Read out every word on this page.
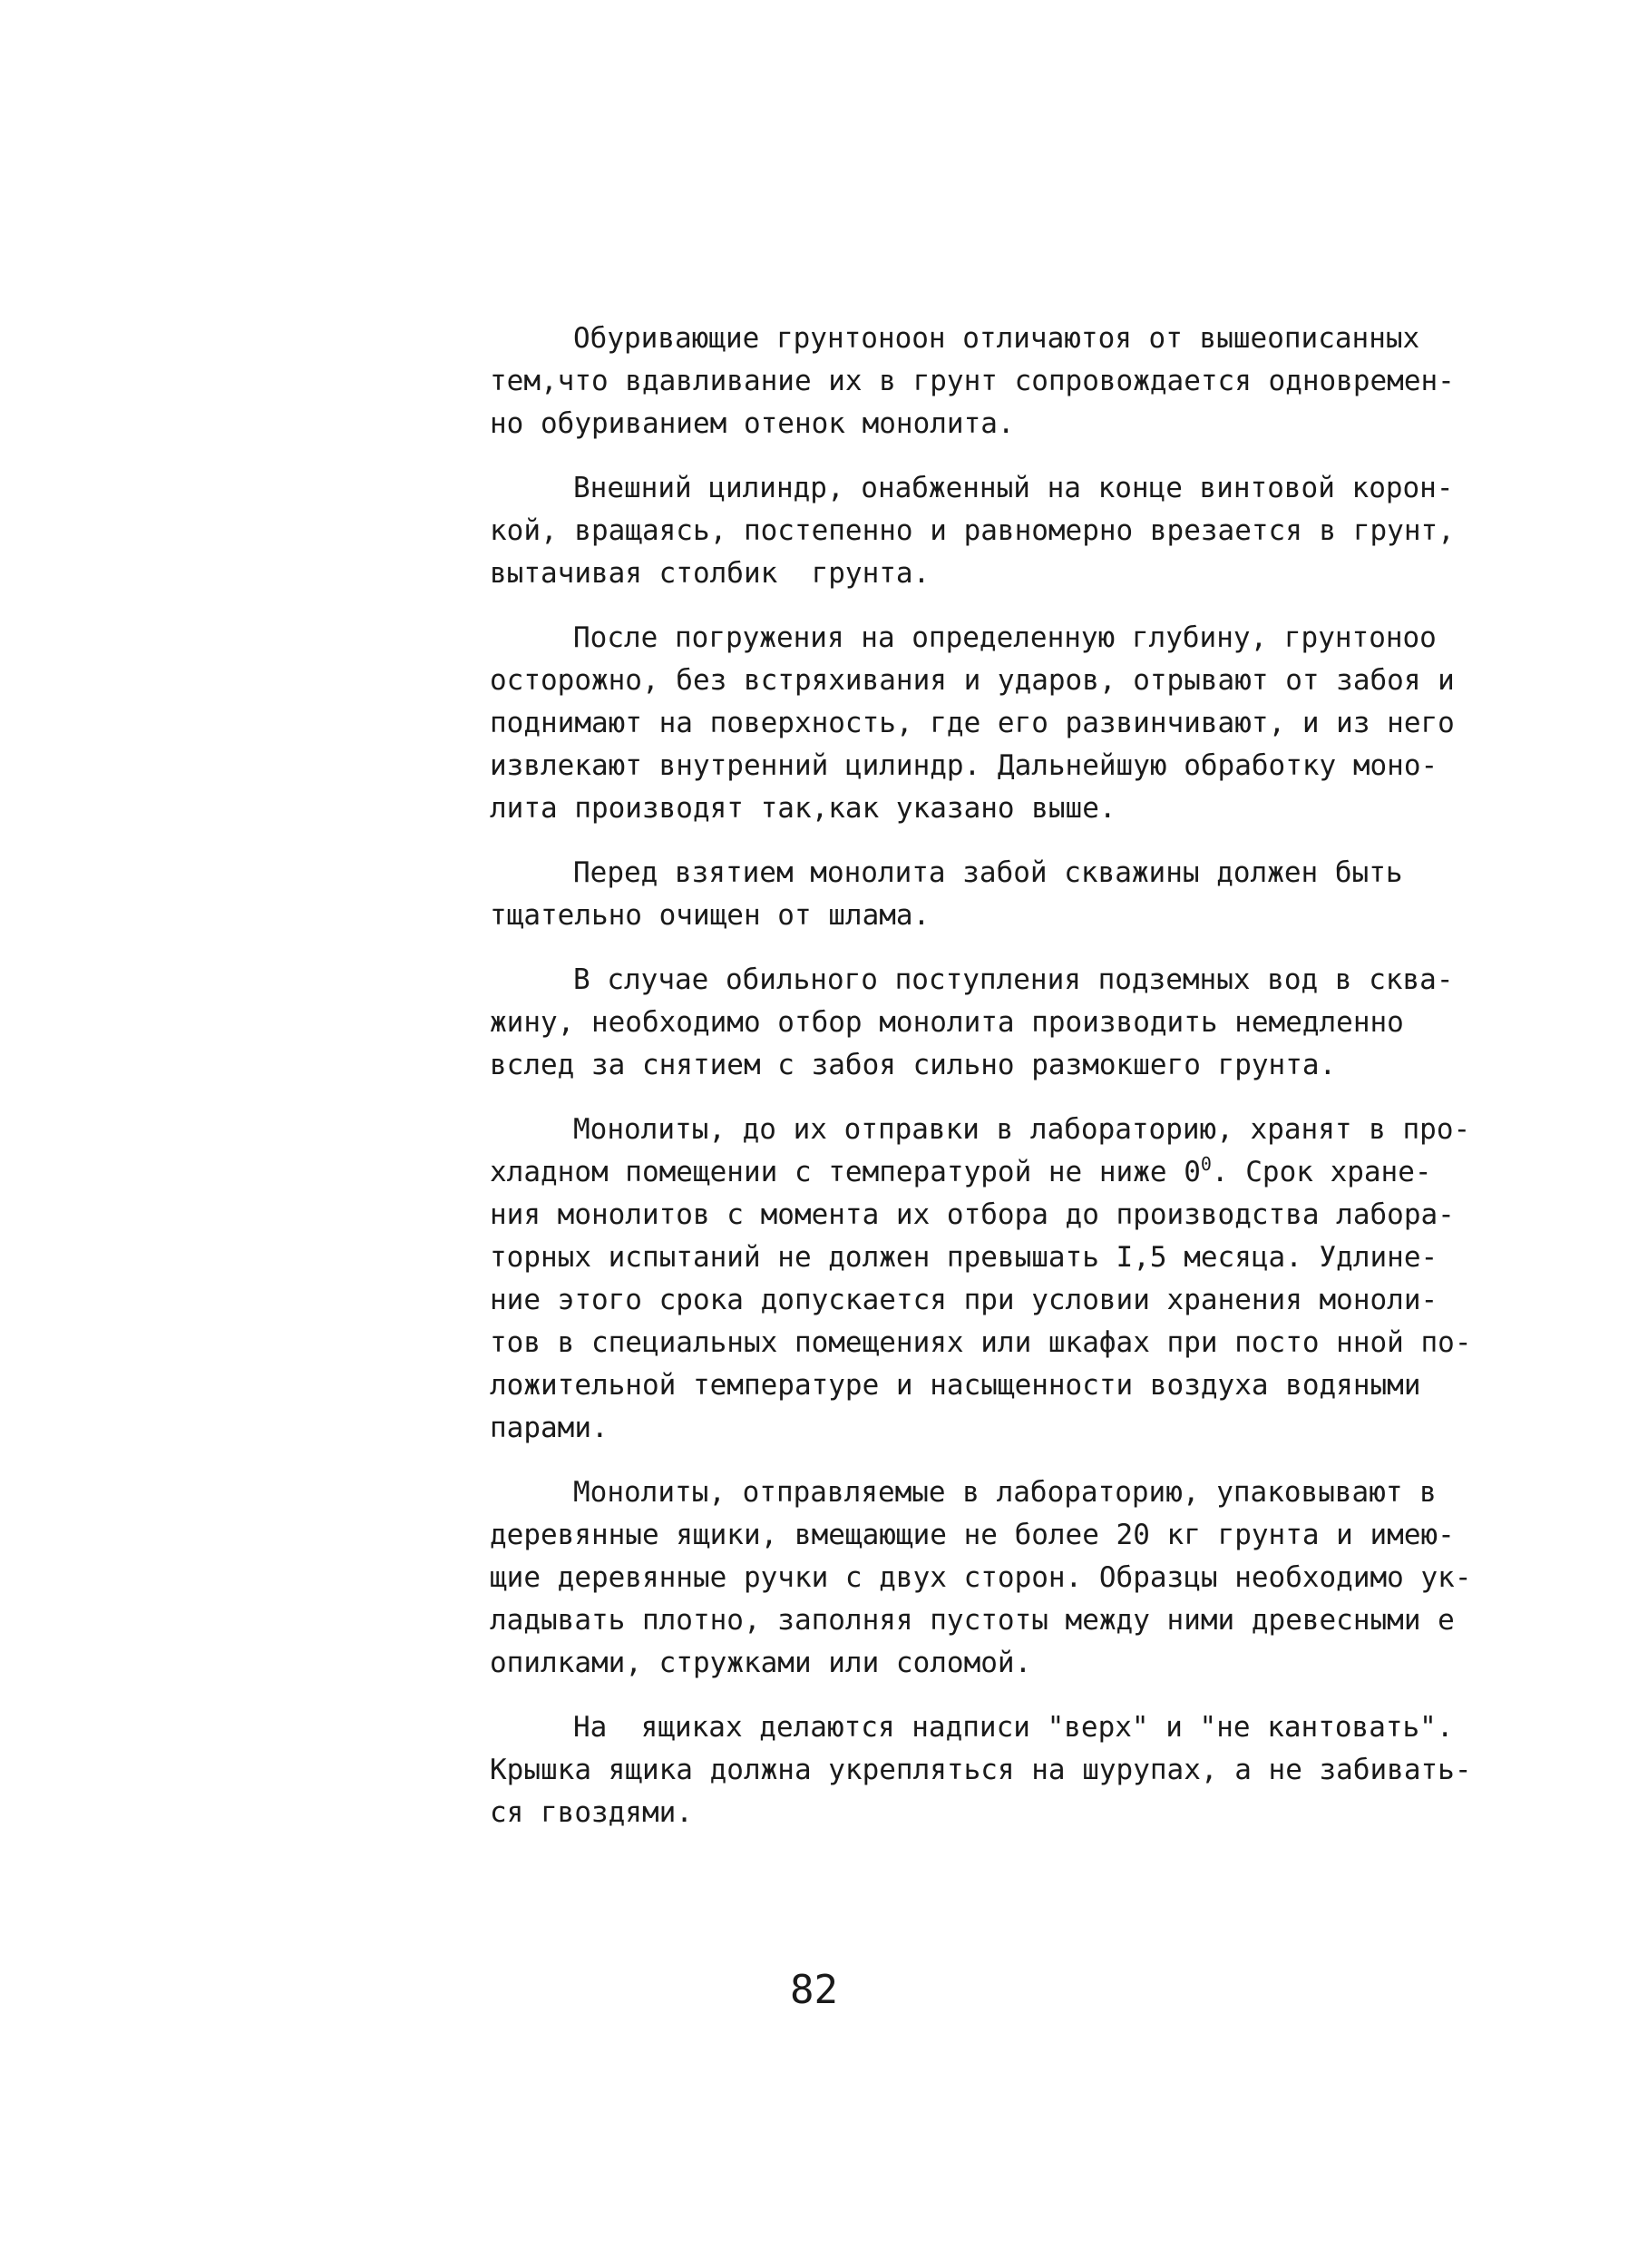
Обуривающие грунтоноон отличаютоя от вышеописанных
тем,что вдавливание их в грунт сопровождается одновремен-
но обуриванием отенок монолита.
Внешний цилиндр, онабженный на конце винтовой корон-
кой, вращаясь, постепенно и равномерно врезается в грунт,
вытачивая столбик  грунта.
После погружения на определенную глубину, грунтоноо
осторожно, без встряхивания и ударов, отрывают от забоя и
поднимают на поверхность, где его развинчивают, и из него
извлекают внутренний цилиндр. Дальнейшую обработку моно-
лита производят так,как указано выше.
Перед взятием монолита забой скважины должен быть
тщательно очищен от шлама.
В случае обильного поступления подземных вод в сква-
жину, необходимо отбор монолита производить немедленно
вслед за снятием с забоя сильно размокшего грунта.
Монолиты, до их отправки в лабораторию, хранят в про-
хладном помещении с температурой не ниже $0^0$. Срок хране-
ния монолитов с момента их отбора до производства лабора-
торных испытаний не должен превышать I,5 месяца. Удлине-
ние этого срока допускается при условии хранения моноли-
тов в специальных помещениях или шкафах при посто нной по-
ложительной температуре и насыщенности воздуха водяными
парами.
Монолиты, отправляемые в лабораторию, упаковывают в
деревянные ящики, вмещающие не более 20 кг грунта и имею-
щие деревянные ручки с двух сторон. Образцы необходимо ук-
ладывать плотно, заполняя пустоты между ними древесными е
опилками, стружками или соломой.
На  ящиках делаются надписи "верх" и "не кантовать".
Крышка ящика должна укрепляться на шурупах, а не забивать-
ся гвоздями.
82
